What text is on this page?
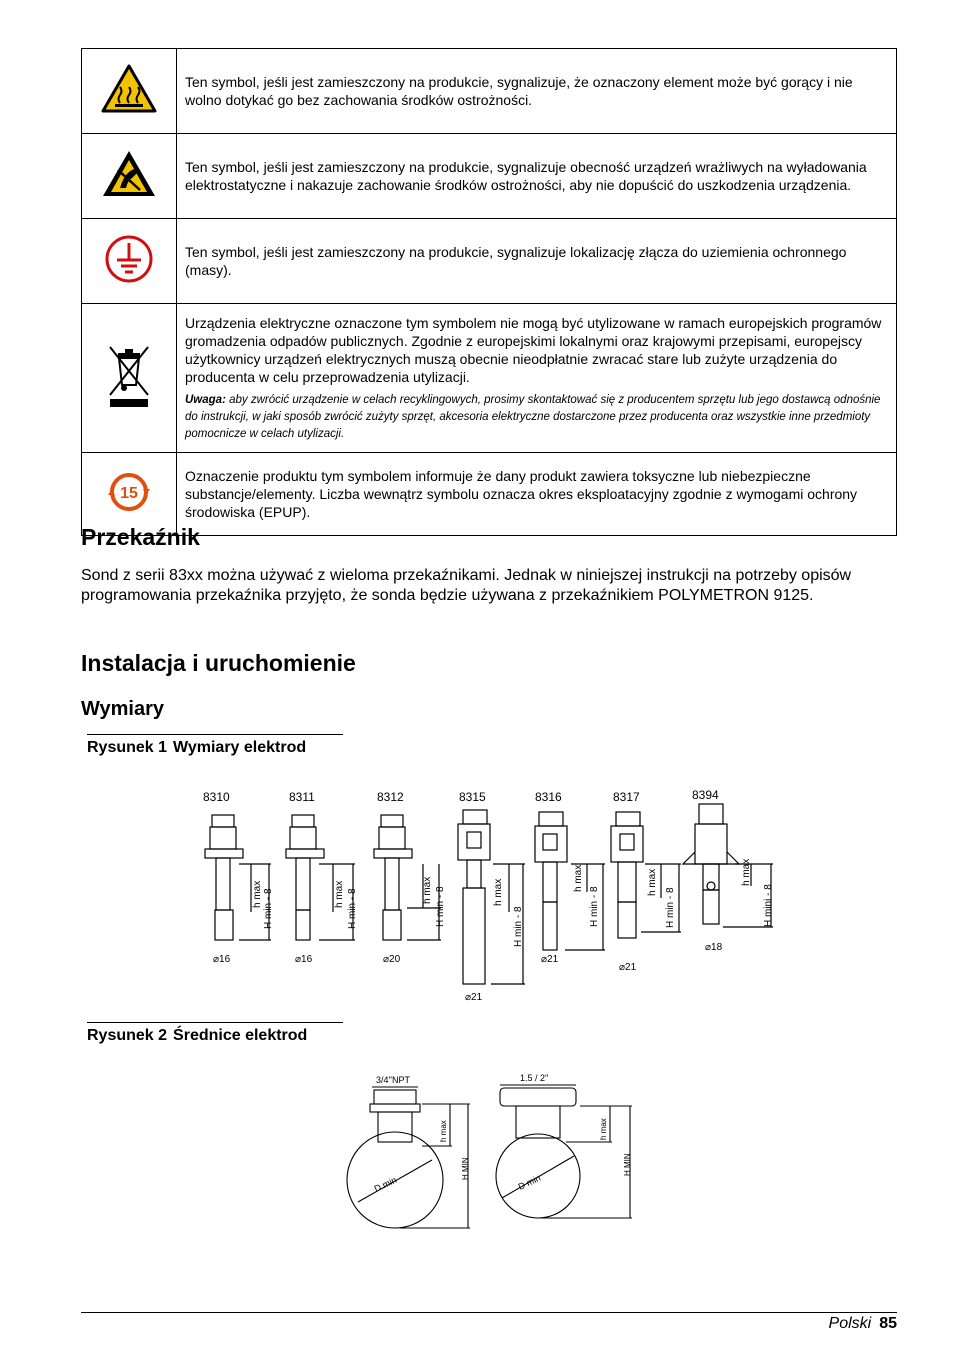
	Ten symbol, jeśli jest zamieszczony na produkcie, sygnalizuje, że oznaczony element może być gorący i nie wolno dotykać go bez zachowania środków ostrożności.
	Ten symbol, jeśli jest zamieszczony na produkcie, sygnalizuje obecność urządzeń wrażliwych na wyładowania elektrostatyczne i nakazuje zachowanie środków ostrożności, aby nie dopuścić do uszkodzenia urządzenia.
	Ten symbol, jeśli jest zamieszczony na produkcie, sygnalizuje lokalizację złącza do uziemienia ochronnego (masy).

Urządzenia elektryczne oznaczone tym symbolem nie mogą być utylizowane w ramach europejskich programów gromadzenia odpadów publicznych. Zgodnie z europejskimi lokalnymi oraz krajowymi przepisami, europejscy użytkownicy urządzeń elektrycznych muszą obecnie nieodpłatnie zwracać stare lub zużyte urządzenia do producenta w celu przeprowadzenia utylizacji.
Uwaga: aby zwrócić urządzenie w celach recyklingowych, prosimy skontaktować się z producentem sprzętu lub jego dostawcą odnośnie do instrukcji, w jaki sposób zwrócić zużyty sprzęt, akcesoria elektryczne dostarczone przez producenta oraz wszystkie inne przedmioty pomocnicze w celach utylizacji.

15	Oznaczenie produktu tym symbolem informuje że dany produkt zawiera toksyczne lub niebezpieczne substancje/elementy. Liczba wewnątrz symbolu oznacza okres eksploatacyjny zgodnie z wymogami ochrony środowiska (EPUP).
Przekaźnik

Sond z serii 83xx można używać z wieloma przekaźnikami. Jednak w niniejszej instrukcji na potrzeby opisów programowania przekaźnika przyjęto, że sonda będzie używana z przekaźnikiem POLYMETRON 9125.

Instalacja i uruchomienie
Wymiary
Rysunek 1 Wymiary elektrod
8310
h max H min - 8
⌀16
8311
h max H min - 8
⌀16
8312
h max H min - 8
⌀20
8315
h max
H min - 8
⌀21
8316
h max
H min - 8
⌀21
8317
h max
H min - 8
⌀21
8394
h max
H mini - 8
⌀18
Rysunek 2 Średnice elektrod
3/4''NPT
D min
h max
H MIN
1.5 / 2''
D min
h max
H MIN
Polski 85
